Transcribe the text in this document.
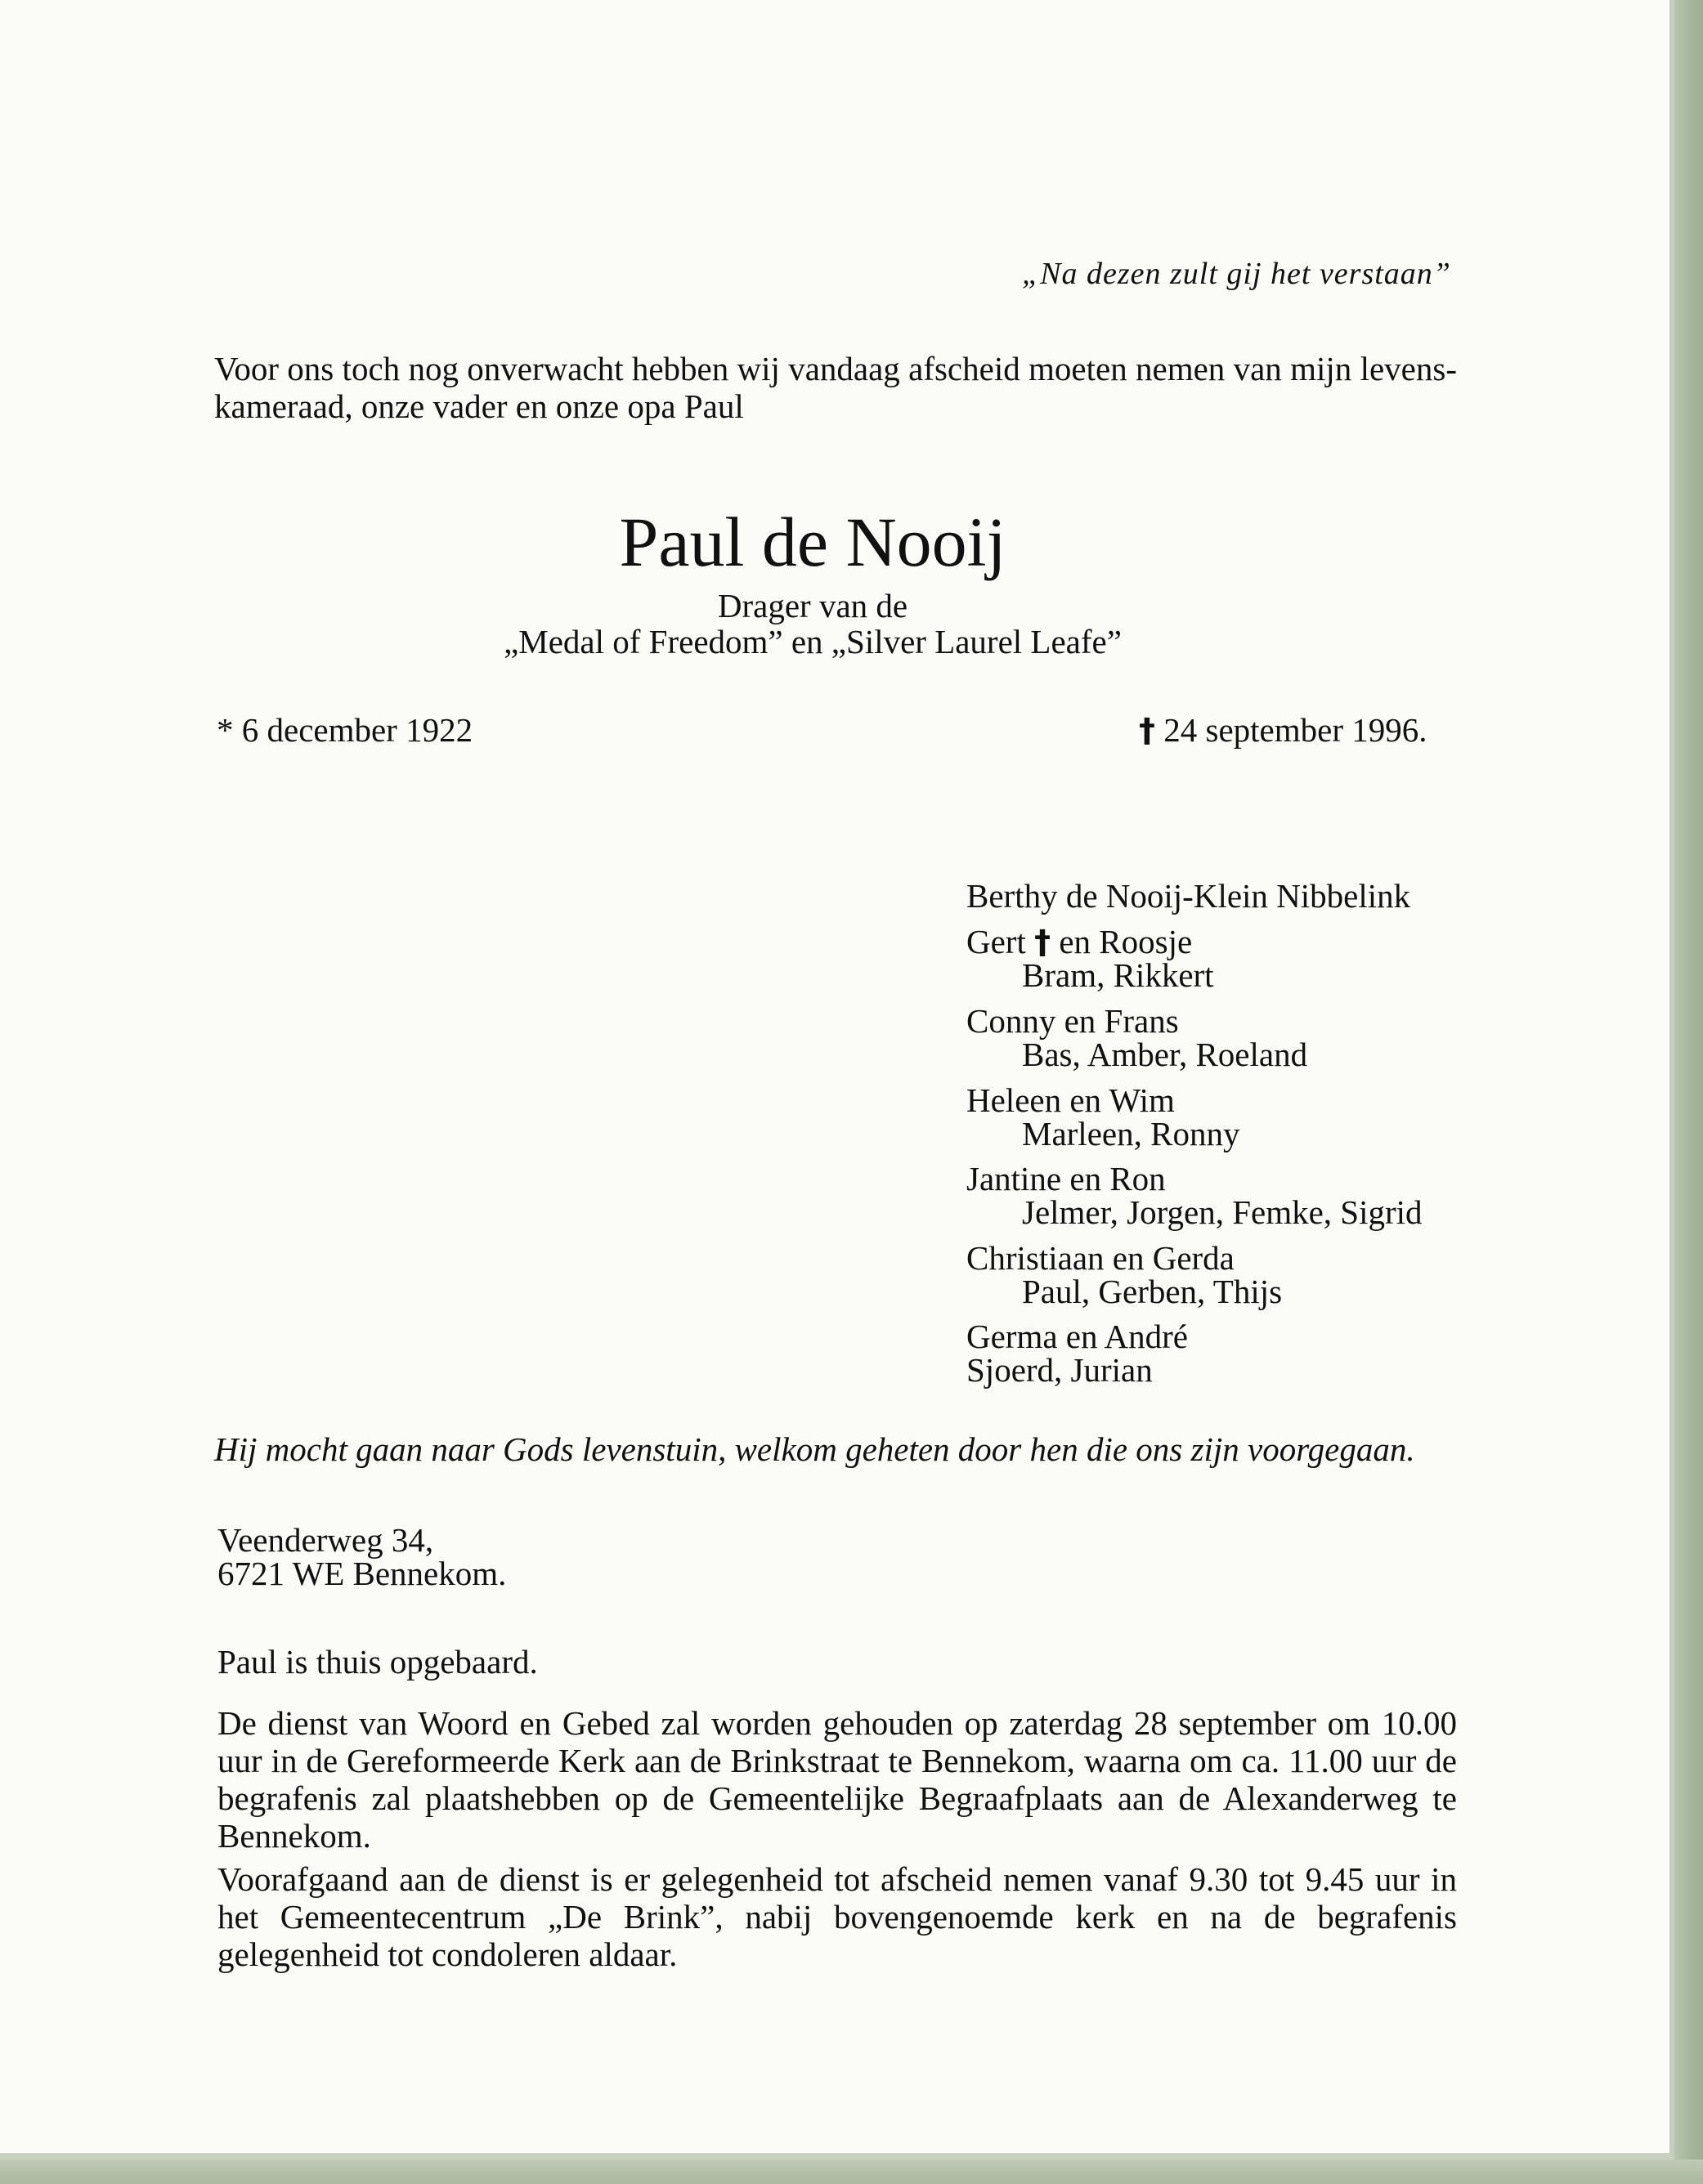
„Na dezen zult gij het verstaan”
Voor ons toch nog onverwacht hebben wij vandaag afscheid moeten nemen van mijn levens- kameraad, onze vader en onze opa Paul
Paul de Nooij
Drager van de
„Medal of Freedom” en „Silver Laurel Leafe”
* 6 december 1922	† 24 september 1996.
Berthy de Nooij-Klein Nibbelink
Gert † en Roosje
Bram, Rikkert
Conny en Frans
Bas, Amber, Roeland
Heleen en Wim
Marleen, Ronny
Jantine en Ron
Jelmer, Jorgen, Femke, Sigrid
Christiaan en Gerda
Paul, Gerben, Thijs
Germa en André
Sjoerd, Jurian
Hij mocht gaan naar Gods levenstuin, welkom geheten door hen die ons zijn voorgegaan.
Veenderweg 34,
6721 WE Bennekom.
Paul is thuis opgebaard.
De dienst van Woord en Gebed zal worden gehouden op zaterdag 28 september om 10.00 uur in de Gereformeerde Kerk aan de Brinkstraat te Bennekom, waarna om ca. 11.00 uur de begrafenis zal plaatshebben op de Gemeentelijke Begraafplaats aan de Alexanderweg te Bennekom.
Voorafgaand aan de dienst is er gelegenheid tot afscheid nemen vanaf 9.30 tot 9.45 uur in het Gemeentecentrum „De Brink”, nabij bovengenoemde kerk en na de begrafenis gelegenheid tot condoleren aldaar.
